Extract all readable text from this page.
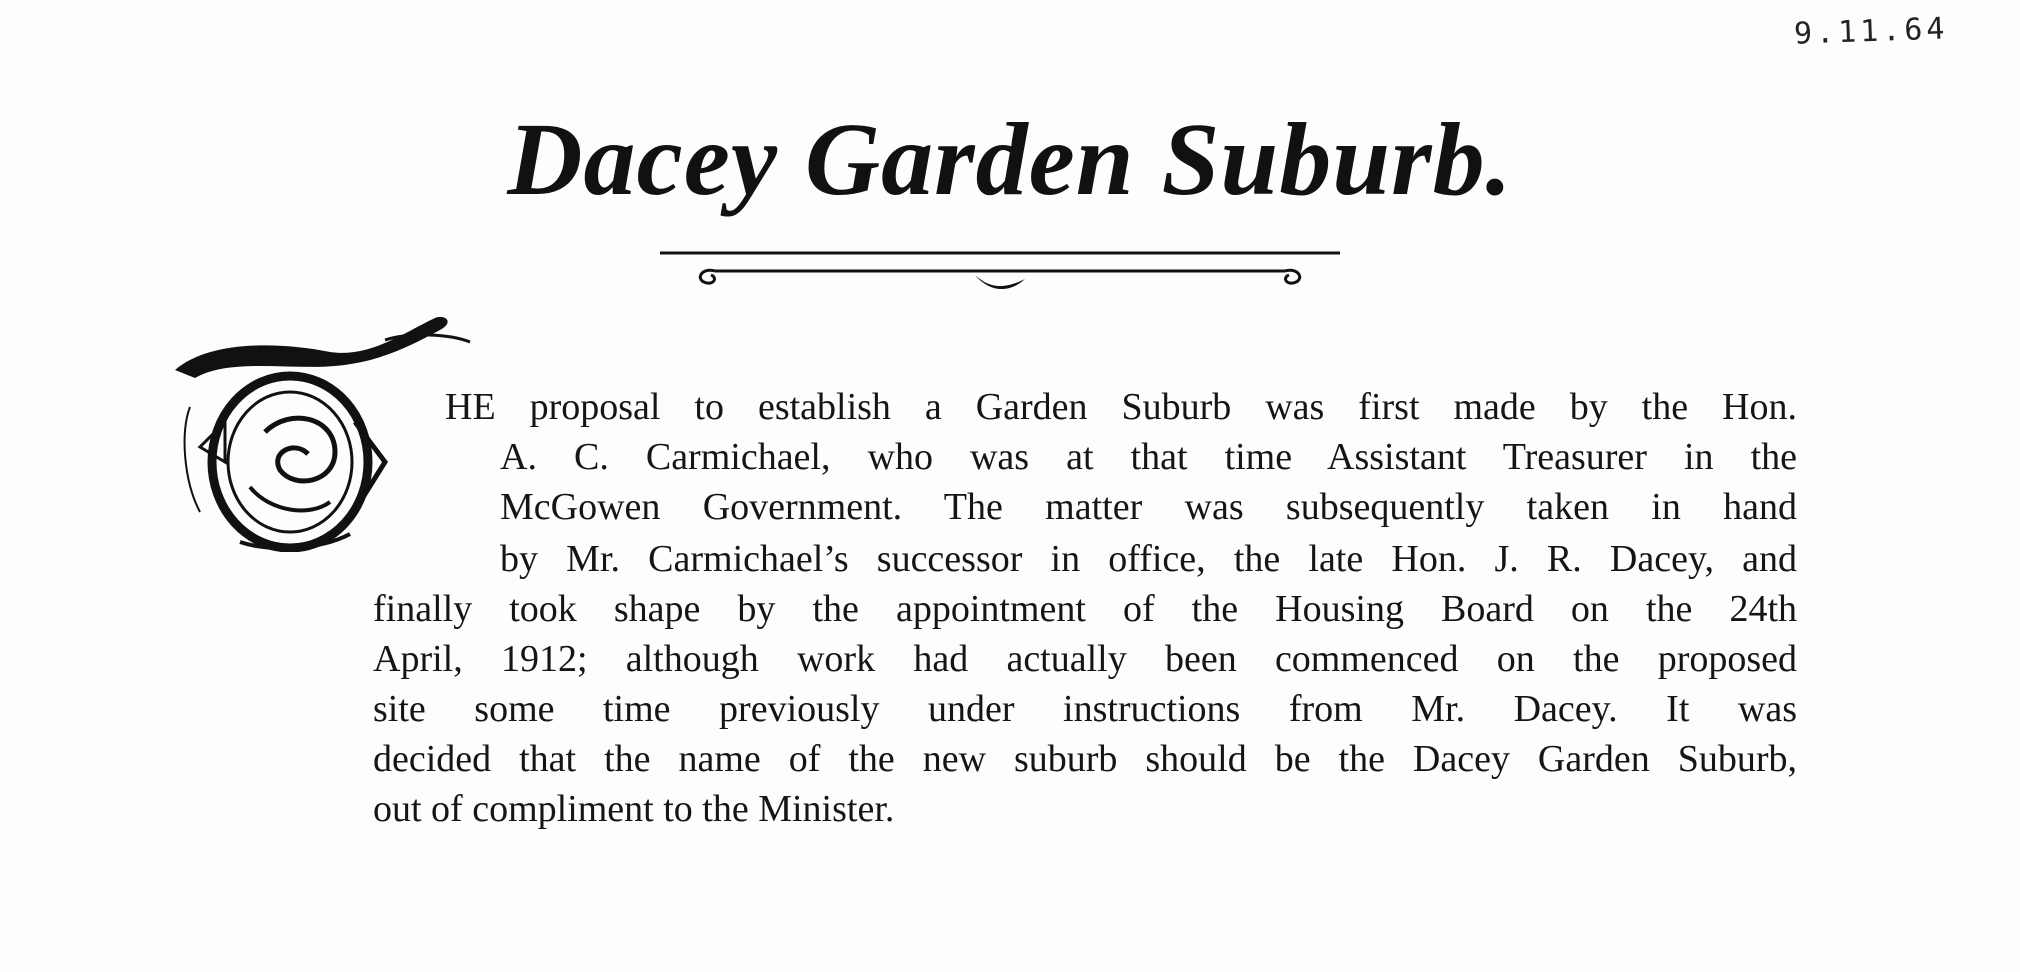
9.11.64
Dacey Garden Suburb.
HE proposal to establish a Garden Suburb was first made by the Hon.
A. C. Carmichael, who was at that time Assistant Treasurer in the
McGowen Government. The matter was subsequently taken in hand
by Mr. Carmichael’s successor in office, the late Hon. J. R. Dacey, and
finally took shape by the appointment of the Housing Board on the 24th
April, 1912; although work had actually been commenced on the proposed
site some time previously under instructions from Mr. Dacey. It was
decided that the name of the new suburb should be the Dacey Garden Suburb,
out of compliment to the Minister.
